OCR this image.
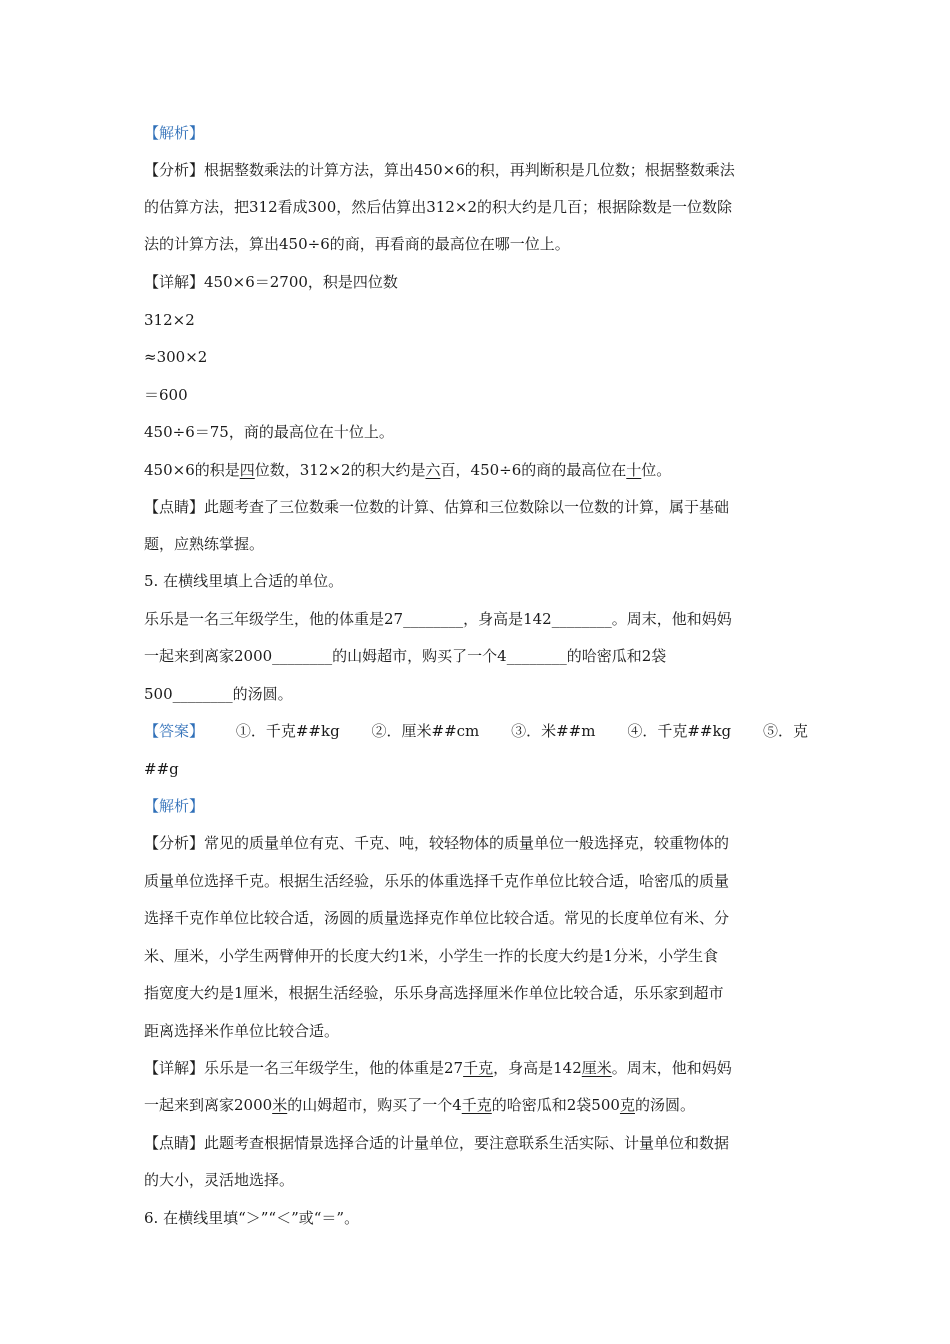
【解析】
【分析】根据整数乘法的计算方法，算出450×6的积，再判断积是几位数；根据整数乘法
的估算方法，把312看成300，然后估算出312×2的积大约是几百；根据除数是一位数除
法的计算方法，算出450÷6的商，再看商的最高位在哪一位上。
【详解】450×6＝2700，积是四位数
312×2
≈300×2
＝600
450÷6＝75，商的最高位在十位上。
450×6的积是四位数，312×2的积大约是六百，450÷6的商的最高位在十位。
【点睛】此题考查了三位数乘一位数的计算、估算和三位数除以一位数的计算，属于基础
题，应熟练掌握。
5. 在横线里填上合适的单位。
乐乐是一名三年级学生，他的体重是27________，身高是142________。周末，他和妈妈
一起来到离家2000________的山姆超市，购买了一个4________的哈密瓜和2袋
500________的汤圆。
【答案】 ①．千克##kg ②．厘米##cm ③．米##m ④．千克##kg ⑤．克
##g
【解析】
【分析】常见的质量单位有克、千克、吨，较轻物体的质量单位一般选择克，较重物体的
质量单位选择千克。根据生活经验，乐乐的体重选择千克作单位比较合适，哈密瓜的质量
选择千克作单位比较合适，汤圆的质量选择克作单位比较合适。常见的长度单位有米、分
米、厘米，小学生两臂伸开的长度大约1米，小学生一拃的长度大约是1分米，小学生食
指宽度大约是1厘米，根据生活经验，乐乐身高选择厘米作单位比较合适，乐乐家到超市
距离选择米作单位比较合适。
【详解】乐乐是一名三年级学生，他的体重是27千克，身高是142厘米。周末，他和妈妈
一起来到离家2000米的山姆超市，购买了一个4千克的哈密瓜和2袋500克的汤圆。
【点睛】此题考查根据情景选择合适的计量单位，要注意联系生活实际、计量单位和数据
的大小，灵活地选择。
6. 在横线里填“＞”“＜”或“＝”。
